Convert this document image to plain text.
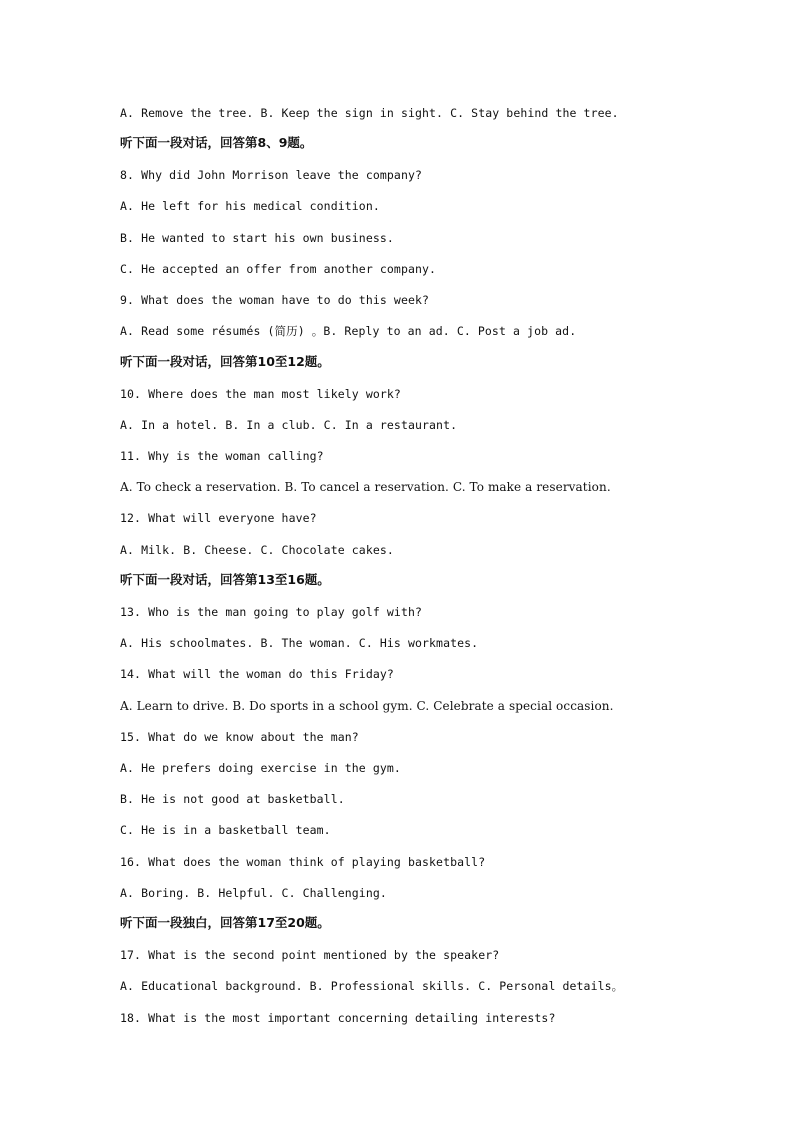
A. Remove the tree. B. Keep the sign in sight. C. Stay behind the tree.
听下面一段对话，回答第8、9题。
8. Why did John Morrison leave the company?
A. He left for his medical condition.
B. He wanted to start his own business.
C. He accepted an offer from another company.
9. What does the woman have to do this week?
A. Read some résumés (简历) 。B. Reply to an ad. C. Post a job ad.
听下面一段对话，回答第10至12题。
10. Where does the man most likely work?
A. In a hotel. B. In a club. C. In a restaurant.
11. Why is the woman calling?
A. To check a reservation. B. To cancel a reservation. C. To make a reservation.
12. What will everyone have?
A. Milk. B. Cheese. C. Chocolate cakes.
听下面一段对话，回答第13至16题。
13. Who is the man going to play golf with?
A. His schoolmates. B. The woman. C. His workmates.
14. What will the woman do this Friday?
A. Learn to drive. B. Do sports in a school gym. C. Celebrate a special occasion.
15. What do we know about the man?
A. He prefers doing exercise in the gym.
B. He is not good at basketball.
C. He is in a basketball team.
16. What does the woman think of playing basketball?
A. Boring. B. Helpful. C. Challenging.
听下面一段独白，回答第17至20题。
17. What is the second point mentioned by the speaker?
A. Educational background. B. Professional skills. C. Personal details。
18. What is the most important concerning detailing interests?
